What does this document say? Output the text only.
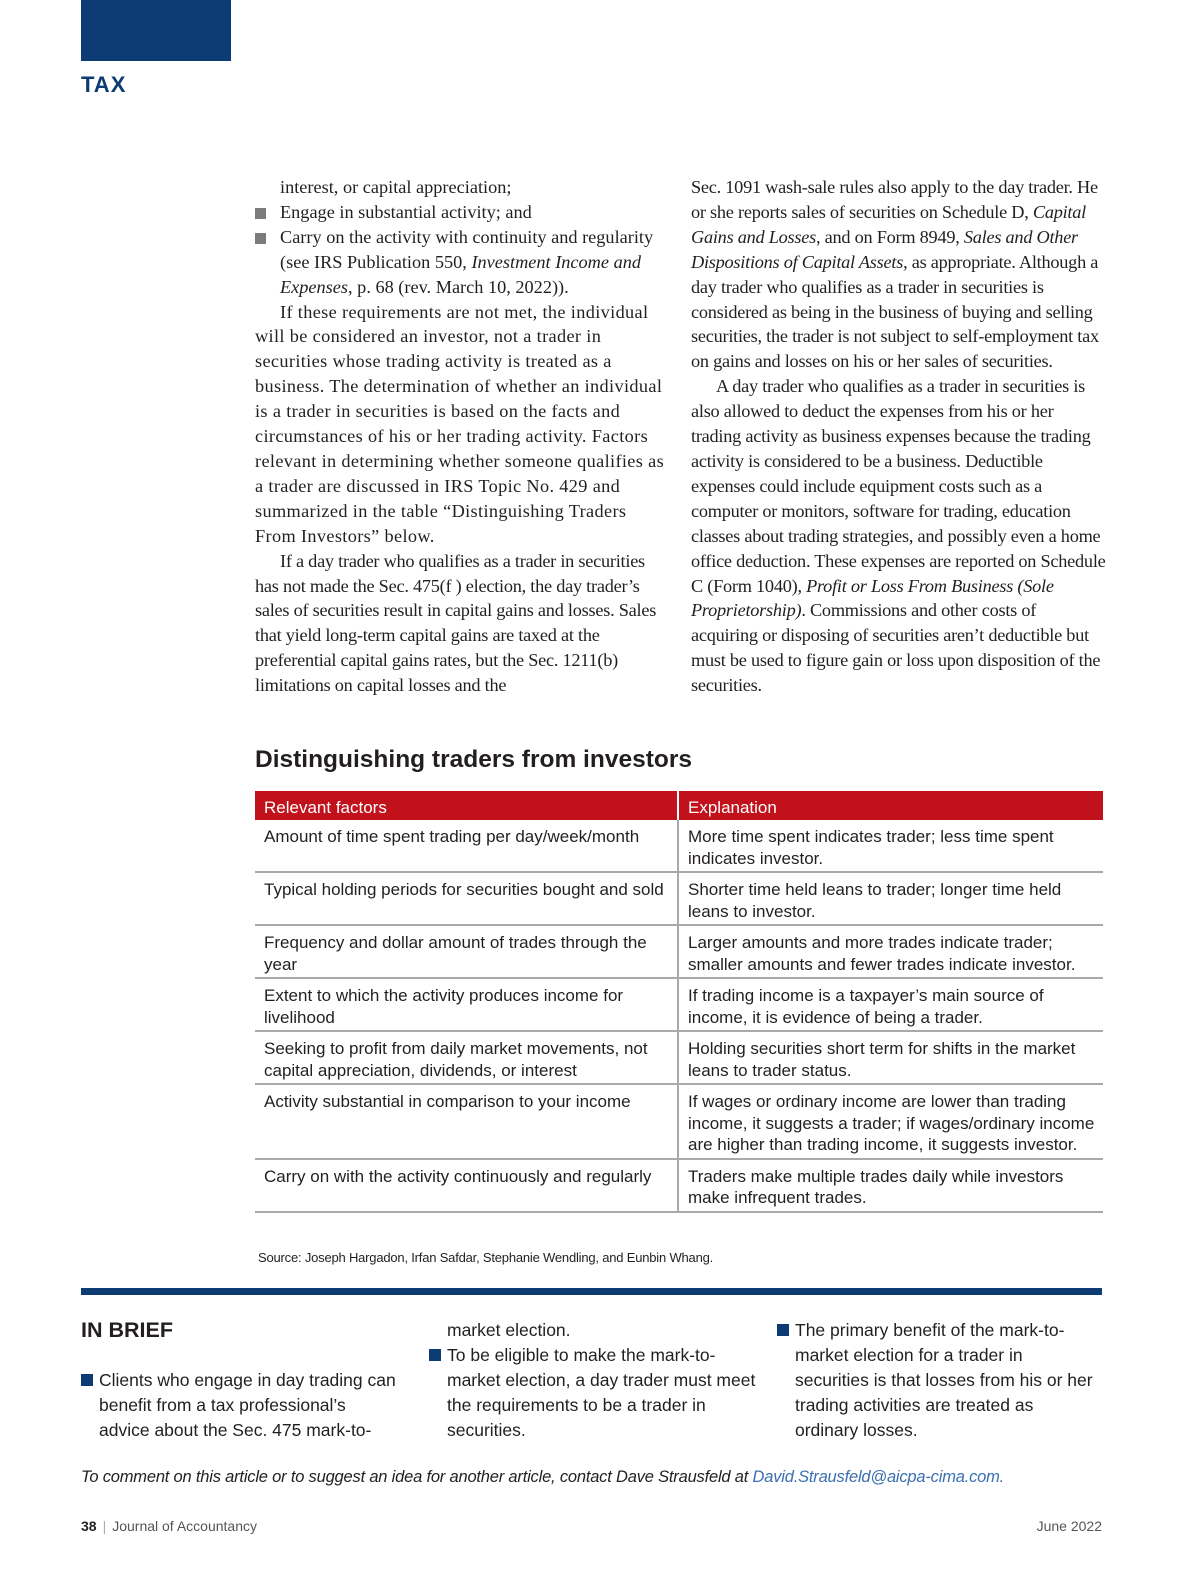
TAX

interest, or capital appreciation;

Engage in substantial activity; and

Carry on the activity with continuity and regularity (see IRS Publication 550, Investment Income and Expenses, p. 68 (rev. March 10, 2022)).

If these requirements are not met, the individual will be considered an investor, not a trader in securities whose trading activity is treated as a business. The determination of whether an individual is a trader in securities is based on the facts and circumstances of his or her trading activity. Factors relevant in determining whether someone qualifies as a trader are discussed in IRS Topic No. 429 and summarized in the table “Distinguishing Traders From Investors” below.

If a day trader who qualifies as a trader in securities has not made the Sec. 475(f ) election, the day trader’s sales of securities result in capital gains and losses. Sales that yield long-term capital gains are taxed at the preferential capital gains rates, but the Sec. 1211(b) limitations on capital losses and the

Sec. 1091 wash-sale rules also apply to the day trader. He or she reports sales of securities on Schedule D, Capital Gains and Losses, and on Form 8949, Sales and Other Dispositions of Capital Assets, as appropriate. Although a day trader who qualifies as a trader in securities is considered as being in the business of buying and selling securities, the trader is not subject to self-employment tax on gains and losses on his or her sales of securities.

A day trader who qualifies as a trader in securities is also allowed to deduct the expenses from his or her trading activity as business expenses because the trading activity is considered to be a business. Deductible expenses could include equipment costs such as a computer or monitors, software for trading, education classes about trading strategies, and possibly even a home office deduction. These expenses are reported on Schedule C (Form 1040), Profit or Loss From Business (Sole Proprietorship). Commissions and other costs of acquiring or disposing of securities aren’t deductible but must be used to figure gain or loss upon disposition of the securities.

Distinguishing traders from investors
Relevant factors	Explanation
Amount of time spent trading per day/week/month	More time spent indicates trader; less time spent indicates investor.
Typical holding periods for securities bought and sold	Shorter time held leans to trader; longer time held leans to investor.
Frequency and dollar amount of trades through the year	Larger amounts and more trades indicate trader; smaller amounts and fewer trades indicate investor.
Extent to which the activity produces income for livelihood	If trading income is a taxpayer’s main source of income, it is evidence of being a trader.
Seeking to profit from daily market movements, not capital appreciation, dividends, or interest	Holding securities short term for shifts in the market leans to trader status.
Activity substantial in comparison to your income	If wages or ordinary income are lower than trading income, it suggests a trader; if wages/ordinary income are higher than trading income, it suggests investor.
Carry on with the activity continuously and regularly	Traders make multiple trades daily while investors make infrequent trades.
Source: Joseph Hargadon, Irfan Safdar, Stephanie Wendling, and Eunbin Whang.
IN BRIEF

Clients who engage in day trading can benefit from a tax professional’s advice about the Sec. 475 mark-to-

market election.

To be eligible to make the mark-to-market election, a day trader must meet the requirements to be a trader in securities.

The primary benefit of the mark-to-market election for a trader in securities is that losses from his or her trading activities are treated as ordinary losses.

To comment on this article or to suggest an idea for another article, contact Dave Strausfeld at David.Strausfeld@aicpa-cima.com.
38 | Journal of Accountancy	June 2022
